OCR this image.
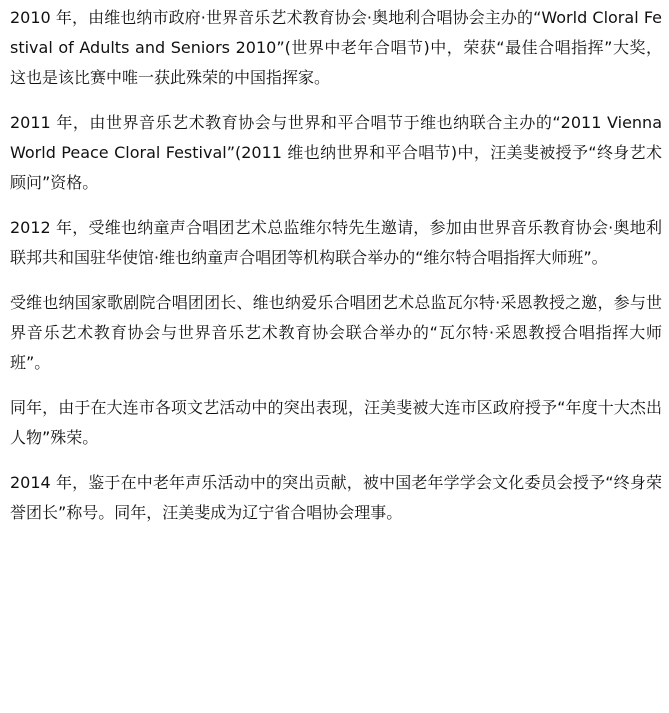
2010 年，由维也纳市政府·世界音乐艺术教育协会·奥地利合唱协会主办的“World Cloral Festival of Adults and Seniors 2010”(世界中老年合唱节)中，荣获“最佳合唱指挥”大奖，这也是该比赛中唯一获此殊荣的中国指挥家。

2011 年，由世界音乐艺术教育协会与世界和平合唱节于维也纳联合主办的“2011 Vienna World Peace Cloral Festival”(2011 维也纳世界和平合唱节)中，汪美斐被授予“终身艺术顾问”资格。

2012 年，受维也纳童声合唱团艺术总监维尔特先生邀请，参加由世界音乐教育协会·奥地利联邦共和国驻华使馆·维也纳童声合唱团等机构联合举办的“维尔特合唱指挥大师班”。

受维也纳国家歌剧院合唱团团长、维也纳爱乐合唱团艺术总监瓦尔特·采恩教授之邀，参与世界音乐艺术教育协会与世界音乐艺术教育协会联合举办的“瓦尔特·采恩教授合唱指挥大师班”。

同年，由于在大连市各项文艺活动中的突出表现，汪美斐被大连市区政府授予“年度十大杰出人物”殊荣。

2014 年，鉴于在中老年声乐活动中的突出贡献，被中国老年学学会文化委员会授予“终身荣誉团长”称号。同年，汪美斐成为辽宁省合唱协会理事。
